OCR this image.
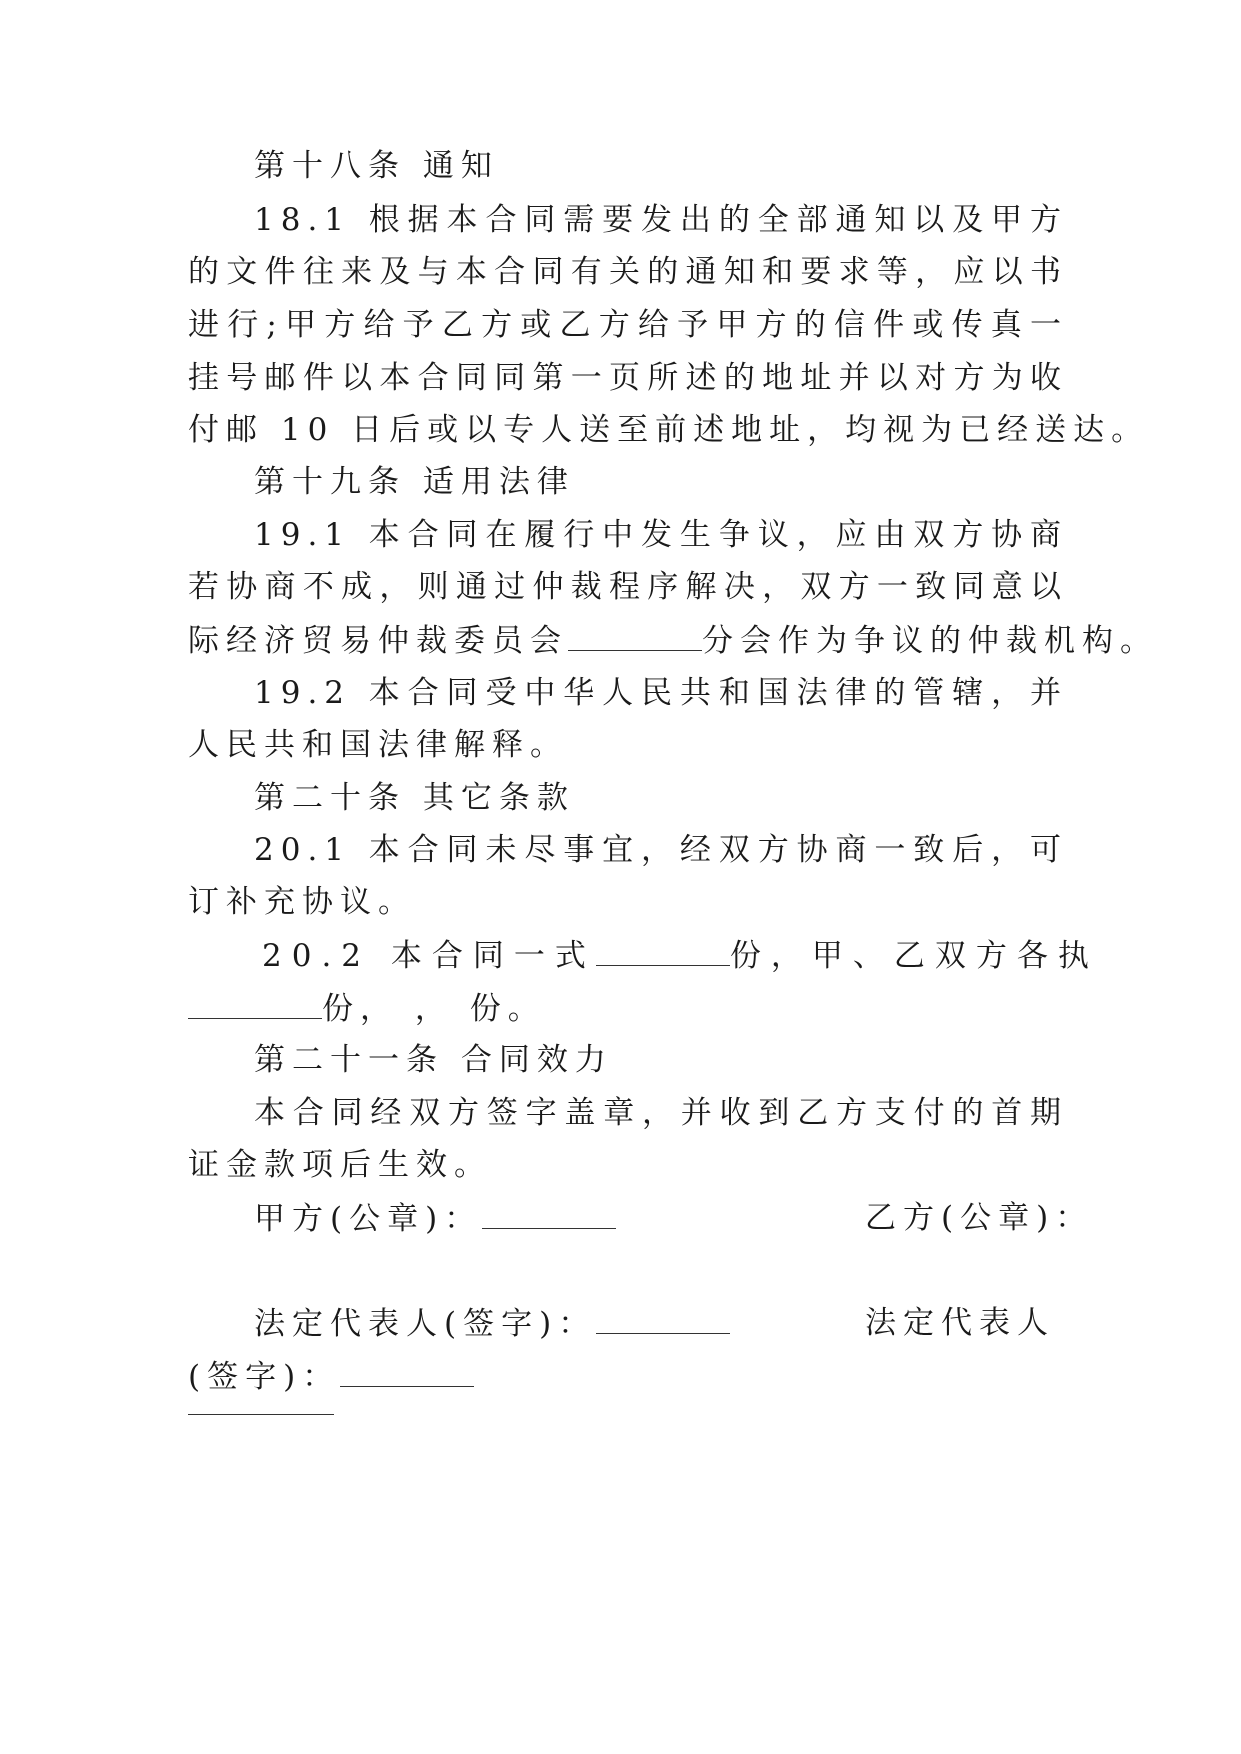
第十八条 通知
18.1 根据本合同需要发出的全部通知以及甲方
的文件往来及与本合同有关的通知和要求等，应以书
进行;甲方给予乙方或乙方给予甲方的信件或传真一
挂号邮件以本合同同第一页所述的地址并以对方为收
付邮 10 日后或以专人送至前述地址，均视为已经送达。
第十九条 适用法律
19.1 本合同在履行中发生争议，应由双方协商
若协商不成，则通过仲裁程序解决，双方一致同意以
际经济贸易仲裁委员会	分会作为争议的仲裁机构。
19.2 本合同受中华人民共和国法律的管辖，并
人民共和国法律解释。
第二十条 其它条款
20.1 本合同未尽事宜，经双方协商一致后，可
订补充协议。
20.2 本合同一式	份，甲、乙双方各执
份， ， 份。
第二十一条 合同效力
本合同经双方签字盖章，并收到乙方支付的首期
证金款项后生效。
甲方(公章)：	乙方(公章)：
法定代表人(签字)：	法定代表人
(签字)：
